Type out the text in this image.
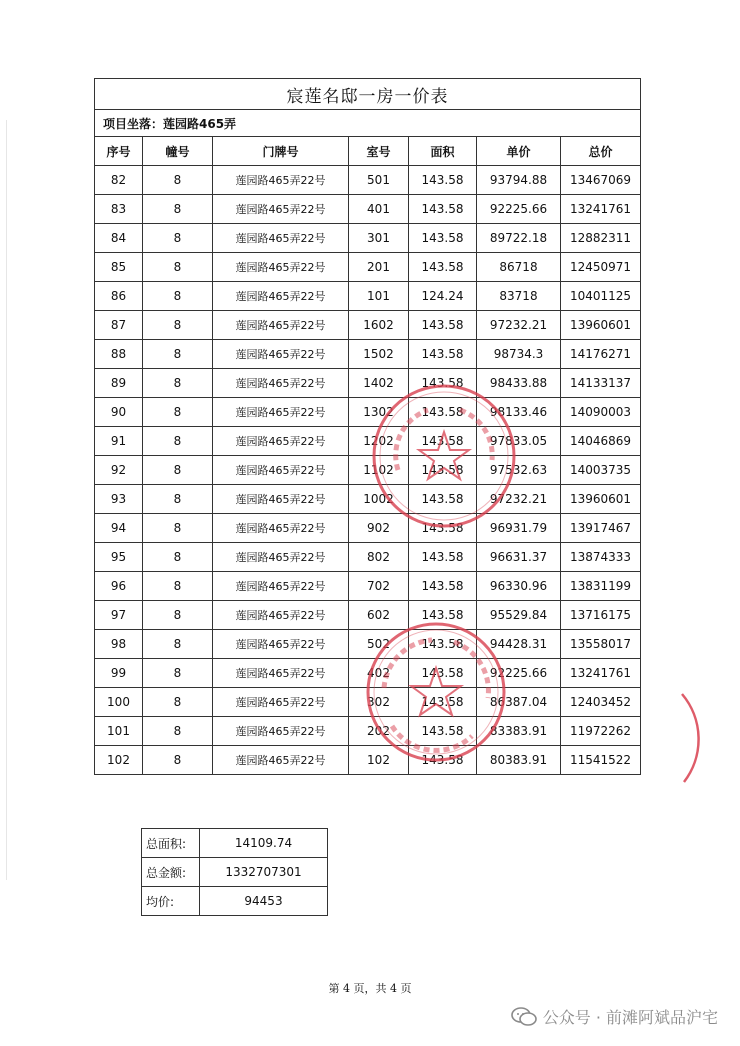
宸莲名邸一房一价表						
项目坐落：莲园路465弄						
序号	幢号	门牌号	室号	面积	单价	总价
82	8	莲园路465弄22号	501	143.58	93794.88	13467069
83	8	莲园路465弄22号	401	143.58	92225.66	13241761
84	8	莲园路465弄22号	301	143.58	89722.18	12882311
85	8	莲园路465弄22号	201	143.58	86718	12450971
86	8	莲园路465弄22号	101	124.24	83718	10401125
87	8	莲园路465弄22号	1602	143.58	97232.21	13960601
88	8	莲园路465弄22号	1502	143.58	98734.3	14176271
89	8	莲园路465弄22号	1402	143.58	98433.88	14133137
90	8	莲园路465弄22号	1302	143.58	98133.46	14090003
91	8	莲园路465弄22号	1202	143.58	97833.05	14046869
92	8	莲园路465弄22号	1102	143.58	97532.63	14003735
93	8	莲园路465弄22号	1002	143.58	97232.21	13960601
94	8	莲园路465弄22号	902	143.58	96931.79	13917467
95	8	莲园路465弄22号	802	143.58	96631.37	13874333
96	8	莲园路465弄22号	702	143.58	96330.96	13831199
97	8	莲园路465弄22号	602	143.58	95529.84	13716175
98	8	莲园路465弄22号	502	143.58	94428.31	13558017
99	8	莲园路465弄22号	402	143.58	92225.66	13241761
100	8	莲园路465弄22号	302	143.58	86387.04	12403452
101	8	莲园路465弄22号	202	143.58	83383.91	11972262
102	8	莲园路465弄22号	102	143.58	80383.91	11541522
总面积:	14109.74
总金额:	1332707301
均价:	94453
第 4 页，共 4 页
公众号 · 前滩阿斌品沪宅
